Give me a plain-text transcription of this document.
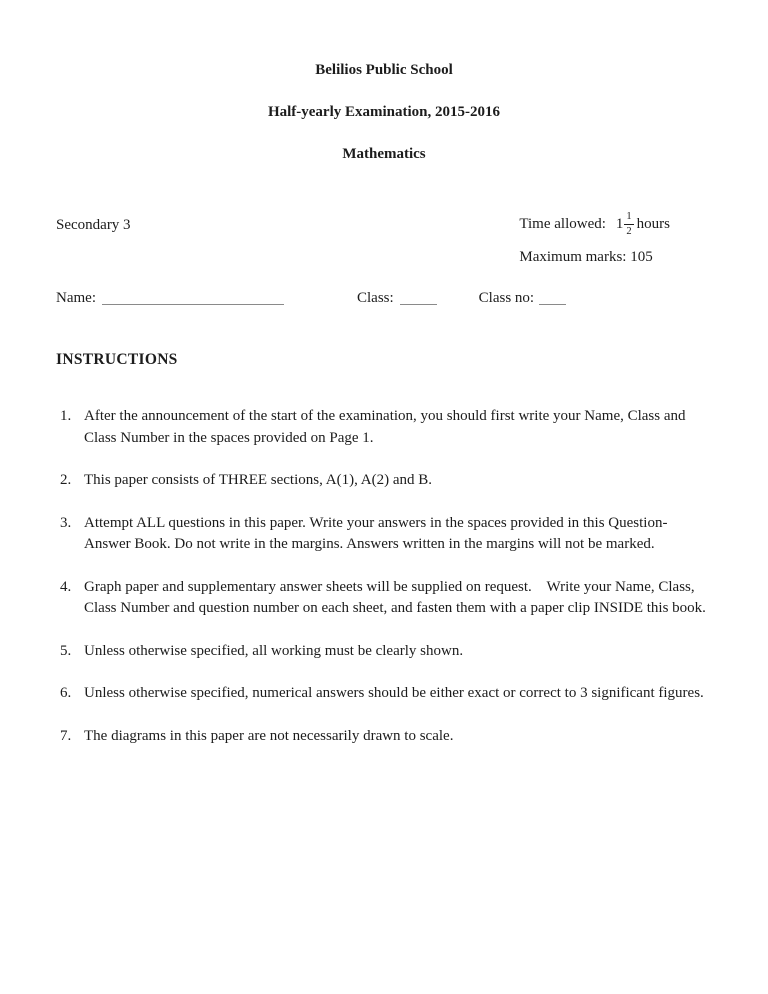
Belilios Public School
Half-yearly Examination, 2015-2016
Mathematics
Secondary 3	Time allowed: $1 \frac{1}{2}$ hours
Maximum marks: 105
Name:	Class:	Class no:
INSTRUCTIONS
1. After the announcement of the start of the examination, you should first write your Name, Class and Class Number in the spaces provided on Page 1.
2. This paper consists of THREE sections, A(1), A(2) and B.
3. Attempt ALL questions in this paper. Write your answers in the spaces provided in this Question-Answer Book. Do not write in the margins. Answers written in the margins will not be marked.
4. Graph paper and supplementary answer sheets will be supplied on request.    Write your Name, Class, Class Number and question number on each sheet, and fasten them with a paper clip INSIDE this book.
5. Unless otherwise specified, all working must be clearly shown.
6. Unless otherwise specified, numerical answers should be either exact or correct to 3 significant figures.
7. The diagrams in this paper are not necessarily drawn to scale.
